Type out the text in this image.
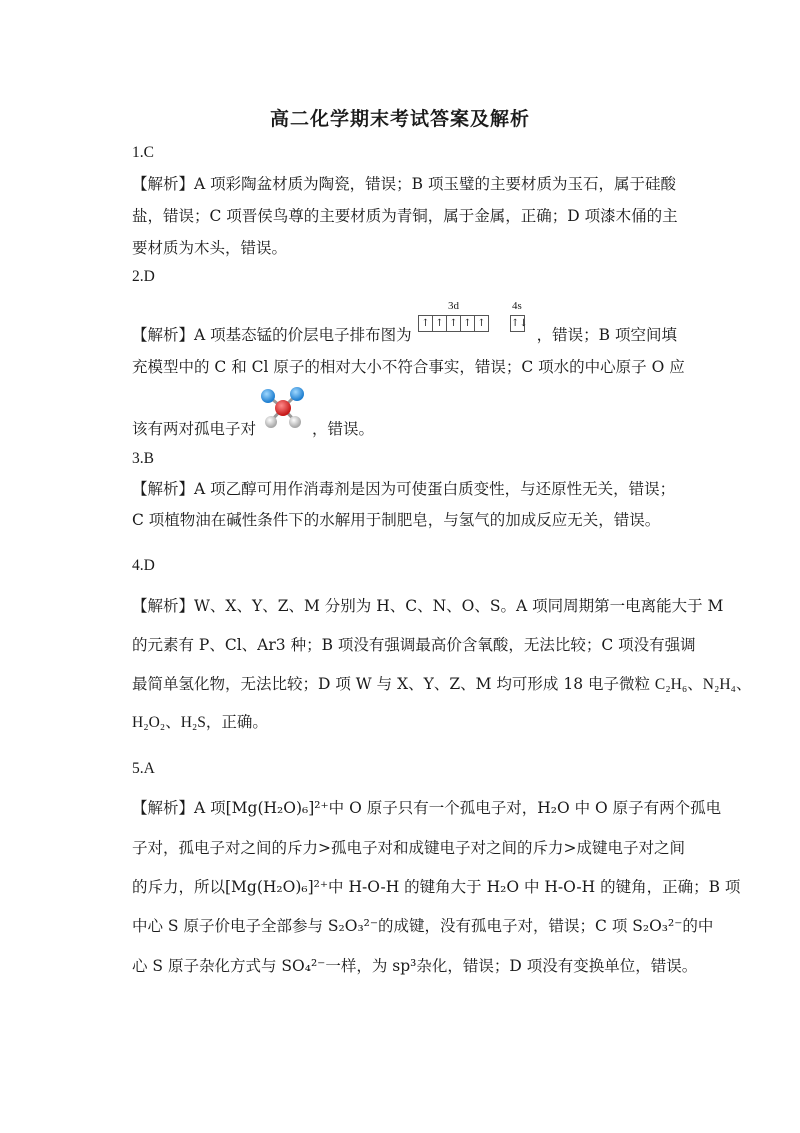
高二化学期末考试答案及解析
1.C
【解析】A 项彩陶盆材质为陶瓷，错误；B 项玉璧的主要材质为玉石，属于硅酸
盐，错误；C 项晋侯鸟尊的主要材质为青铜，属于金属，正确；D 项漆木俑的主
要材质为木头，错误。
2.D
【解析】A 项基态锰的价层电子排布图为	，错误；B 项空间填
3d	4s
↑ ↑ ↑ ↑ ↑	↑↓
充模型中的 C 和 Cl 原子的相对大小不符合事实，错误；C 项水的中心原子 O 应
该有两对孤电子对	，错误。
3.B
【解析】A 项乙醇可用作消毒剂是因为可使蛋白质变性，与还原性无关，错误；
C 项植物油在碱性条件下的水解用于制肥皂，与氢气的加成反应无关，错误。
4.D
【解析】W、X、Y、Z、M 分别为 H、C、N、O、S。A 项同周期第一电离能大于 M
的元素有 P、Cl、Ar3 种；B 项没有强调最高价含氧酸，无法比较；C 项没有强调
最简单氢化物，无法比较；D 项 W 与 X、Y、Z、M 均可形成 18 电子微粒 C₂H₆、N₂H₄、
H₂O₂、H₂S，正确。
5.A
【解析】A 项[Mg(H₂O)₆]²⁺中 O 原子只有一个孤电子对，H₂O 中 O 原子有两个孤电
子对，孤电子对之间的斥力>孤电子对和成键电子对之间的斥力>成键电子对之间
的斥力，所以[Mg(H₂O)₆]²⁺中 H-O-H 的键角大于 H₂O 中 H-O-H 的键角，正确；B 项
中心 S 原子价电子全部参与 S₂O₃²⁻的成键，没有孤电子对，错误；C 项 S₂O₃²⁻的中
心 S 原子杂化方式与 SO₄²⁻一样，为 sp³杂化，错误；D 项没有变换单位，错误。
